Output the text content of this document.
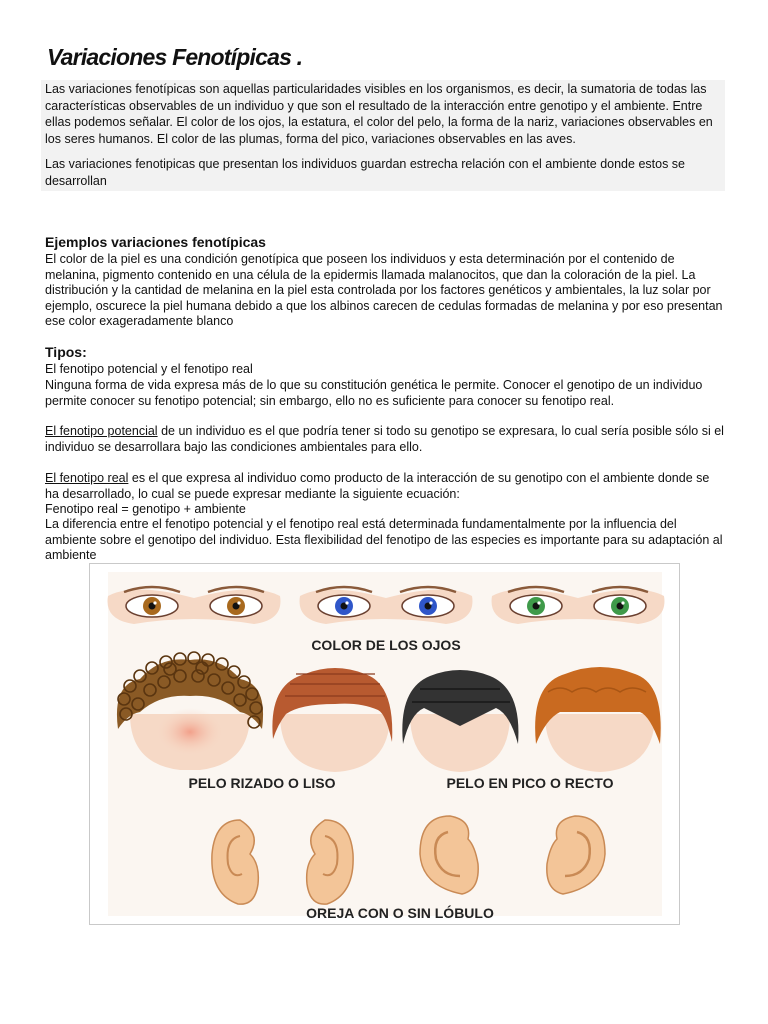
Variaciones Fenotípicas .

Las variaciones fenotípicas son aquellas particularidades visibles en los organismos, es decir, la sumatoria de todas las características observables de un individuo y que son el resultado de la interacción entre genotipo y el ambiente. Entre ellas podemos señalar. El color de los ojos, la estatura, el color del pelo, la forma de la nariz, variaciones observables en los seres humanos. El color de las plumas, forma del pico, variaciones observables en las aves.

Las variaciones fenotipicas que presentan los individuos guardan estrecha relación con el ambiente donde estos se desarrollan

Ejemplos variaciones fenotípicas

El color de la piel es una condición genotípica que poseen los individuos y esta determinación por el contenido de melanina, pigmento contenido en una célula de la epidermis llamada malanocitos, que dan la coloración de la piel. La distribución y la cantidad de melanina en la piel esta controlada por los factores genéticos y ambientales, la luz solar por ejemplo, oscurece la piel humana debido a que los albinos carecen de cedulas formadas de melanina y por eso presentan ese color exageradamente blanco

Tipos:

El fenotipo potencial y el fenotipo real

Ninguna forma de vida expresa más de lo que su constitución genética le permite. Conocer el genotipo de un individuo permite conocer su fenotipo potencial; sin embargo, ello no es suficiente para conocer su fenotipo real.

El fenotipo potencial de un individuo es el que podría tener si todo su genotipo se expresara, lo cual sería posible sólo si el individuo se desarrollara bajo las condiciones ambientales para ello.

El fenotipo real es el que expresa al individuo como producto de la interacción de su genotipo con el ambiente donde se ha desarrollado, lo cual se puede expresar mediante la siguiente ecuación:

Fenotipo real = genotipo + ambiente

La diferencia entre el fenotipo potencial y el fenotipo real está determinada fundamentalmente por la influencia del ambiente sobre el genotipo del individuo. Esta flexibilidad del fenotipo de las especies es importante para su adaptación al ambiente

COLOR DE LOS OJOS
PELO RIZADO O LISO	PELO EN PICO O RECTO
OREJA CON O SIN LÓBULO
